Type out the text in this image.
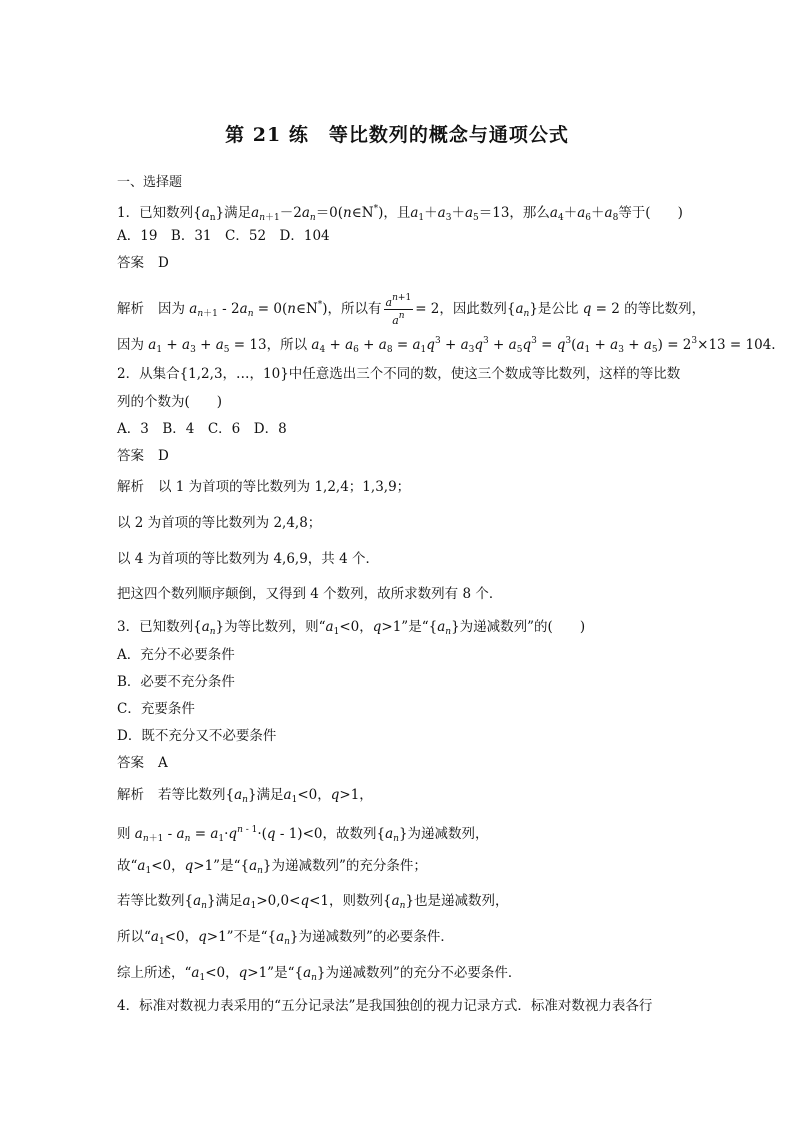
第 21 练　等比数列的概念与通项公式
一、选择题
1．已知数列$\{a_n\}$满足$a_{n+1}-2a_n=0(n\in N^*)$，且$a_1+a_3+a_5=13$，那么$a_4+a_6+a_8$等于(　　)
A．19　B．31　C．52　D．104
答案 D
解析 因为 $a_{n+1} - 2a_n$ = 0(n∈N*)，所以有 $\frac{a^{n+1}}{a^n} = 2$，因此数列$\{a_n\}$是公比 q = 2 的等比数列，
因为 $a_1 + a_3 + a_5 = 13$，所以 $a_4 + a_6 + a_8 = a_1q^3 + a_3q^3 + a_5q^3 = q^3(a_1 + a_3 + a_5) = 2^3\times 13 = 104$.
2．从集合{1,2,3，…，10}中任意选出三个不同的数，使这三个数成等比数列，这样的等比数
列的个数为(　　)
A．3　B．4　C．6　D．8
答案 D
解析 以 1 为首项的等比数列为 1,2,4；1,3,9；
以 2 为首项的等比数列为 2,4,8；
以 4 为首项的等比数列为 4,6,9，共 4 个．
把这四个数列顺序颠倒，又得到 4 个数列，故所求数列有 8 个．
3．已知数列$\{a_n\}$为等比数列，则“$a_1<0$，q>1”是“$\{a_n\}$为递减数列”的(　　)
A．充分不必要条件
B．必要不充分条件
C．充要条件
D．既不充分又不必要条件
答案 A
解析 若等比数列$\{a_n\}$满足$a_1<0$，q>1，
则 $a_{n+1} - a_n = a_1\cdot q^{n - 1}\cdot(q - 1)<0$，故数列$\{a_n\}$为递减数列，
故“$a_1<0$，q>1”是“$\{a_n\}$为递减数列”的充分条件；
若等比数列$\{a_n\}$满足$a_1>0,0<q<1$，则数列$\{a_n\}$也是递减数列，
所以“$a_1<0$，q>1”不是“$\{a_n\}$为递减数列”的必要条件．
综上所述，“$a_1<0$，q>1”是“$\{a_n\}$为递减数列”的充分不必要条件．
4．标准对数视力表采用的“五分记录法”是我国独创的视力记录方式．标准对数视力表各行
